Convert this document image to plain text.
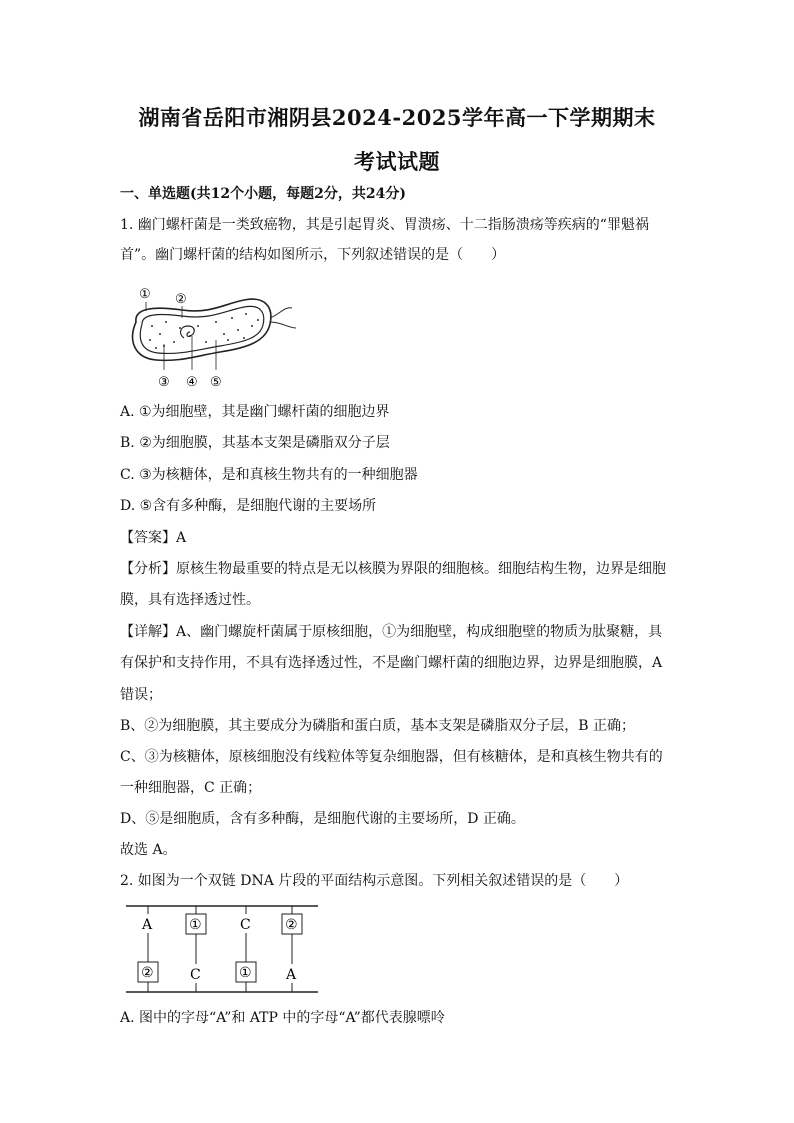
湖南省岳阳市湘阴县2024-2025学年高一下学期期末
考试试题
一、单选题(共12个小题，每题2分，共24分)
1. 幽门螺杆菌是一类致癌物，其是引起胃炎、胃溃疡、十二指肠溃疡等疾病的“罪魁祸
首”。幽门螺杆菌的结构如图所示，下列叙述错误的是（　　）
① ②
③ ④ ⑤
A. ①为细胞壁，其是幽门螺杆菌的细胞边界
B. ②为细胞膜，其基本支架是磷脂双分子层
C. ③为核糖体，是和真核生物共有的一种细胞器
D. ⑤含有多种酶，是细胞代谢的主要场所
【答案】A
【分析】原核生物最重要的特点是无以核膜为界限的细胞核。细胞结构生物，边界是细胞
膜，具有选择透过性。
【详解】A、幽门螺旋杆菌属于原核细胞，①为细胞壁，构成细胞壁的物质为肽聚糖，具
有保护和支持作用，不具有选择透过性，不是幽门螺杆菌的细胞边界，边界是细胞膜，A
错误；
B、②为细胞膜，其主要成分为磷脂和蛋白质，基本支架是磷脂双分子层，B 正确；
C、③为核糖体，原核细胞没有线粒体等复杂细胞器，但有核糖体，是和真核生物共有的
一种细胞器，C 正确；
D、⑤是细胞质，含有多种酶，是细胞代谢的主要场所，D 正确。
故选 A。
2. 如图为一个双链 DNA 片段的平面结构示意图。下列相关叙述错误的是（　　）
A
②
①
C
C
①
②
A
A. 图中的字母“A”和 ATP 中的字母“A”都代表腺嘌呤
